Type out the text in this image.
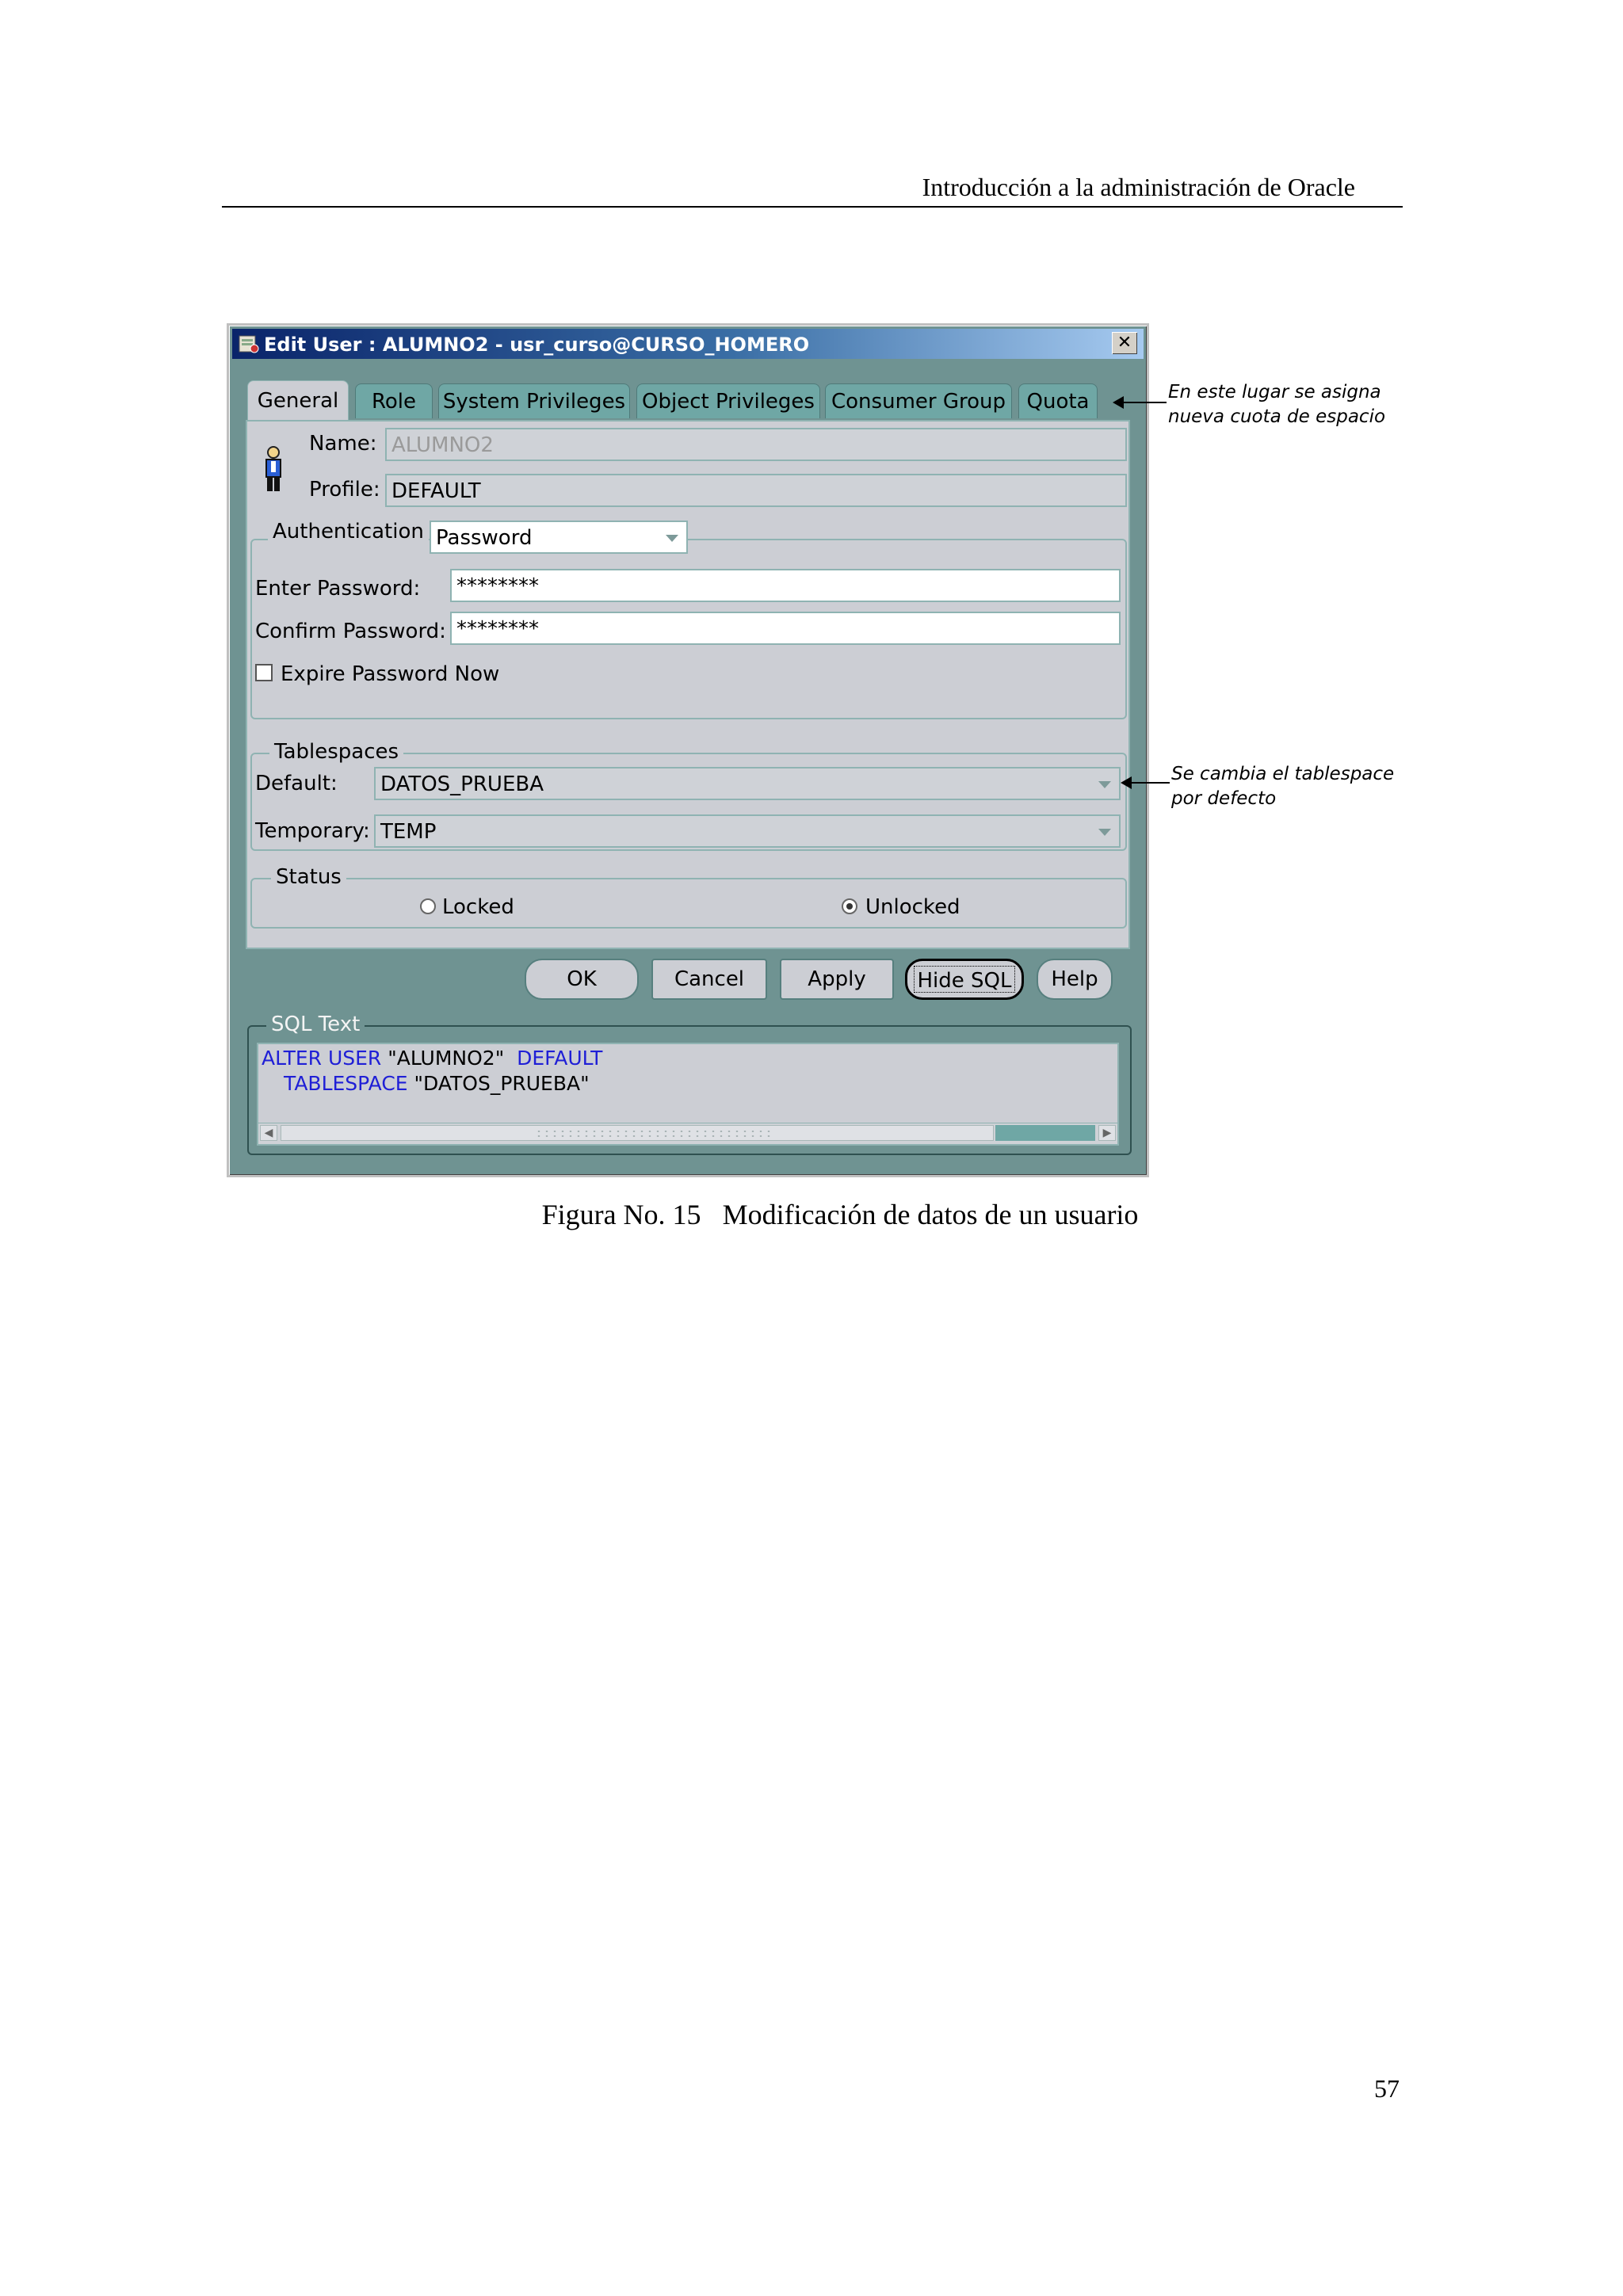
Introducción a la administración de Oracle
Edit User : ALUMNO2 - usr_curso@CURSO_HOMERO	✕
General	Role	System Privileges Object Privileges Consumer Group	Quota
Name: ALUMNO2
Profile: DEFAULT
Authentication Password
Enter Password:	********
Confirm Password: ********
Expire Password Now
Tablespaces
Default:	DATOS_PRUEBA
Temporary: TEMP
Status
Locked	Unlocked
OK	Cancel	Apply	Hide SQL	Help
SQL Text
ALTER USER "ALUMNO2"  DEFAULT
TABLESPACE "DATOS_PRUEBA"
◀	▶
En este lugar se asigna
nueva cuota de espacio
Se cambia el tablespace
por defecto
Figura No. 15 Modificación de datos de un usuario
57
